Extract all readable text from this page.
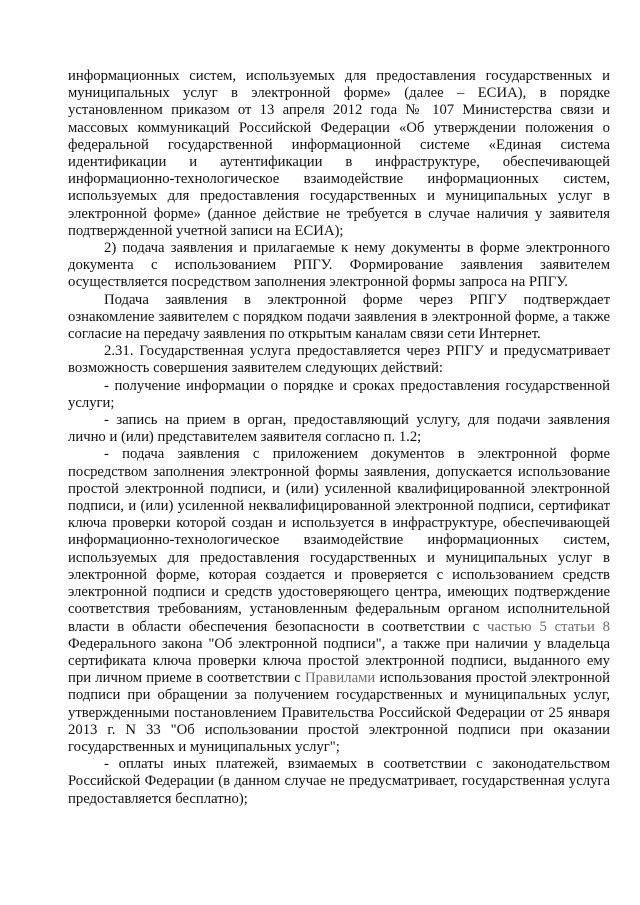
информационных систем, используемых для предоставления государственных и муниципальных услуг в электронной форме» (далее – ЕСИА), в порядке установленном приказом от 13 апреля 2012 года № 107 Министерства связи и массовых коммуникаций Российской Федерации «Об утверждении положения о федеральной государственной информационной системе «Единая система идентификации и аутентификации в инфраструктуре, обеспечивающей информационно-технологическое взаимодействие информационных систем, используемых для предоставления государственных и муниципальных услуг в электронной форме» (данное действие не требуется в случае наличия у заявителя подтвержденной учетной записи на ЕСИА);

2) подача заявления и прилагаемые к нему документы в форме электронного документа с использованием РПГУ. Формирование заявления заявителем осуществляется посредством заполнения электронной формы запроса на РПГУ.

Подача заявления в электронной форме через РПГУ подтверждает ознакомление заявителем с порядком подачи заявления в электронной форме, а также согласие на передачу заявления по открытым каналам связи сети Интернет.

2.31. Государственная услуга предоставляется через РПГУ и предусматривает возможность совершения заявителем следующих действий:

- получение информации о порядке и сроках предоставления государственной услуги;

- запись на прием в орган, предоставляющий услугу, для подачи заявления лично и (или) представителем заявителя согласно п. 1.2;

- подача заявления с приложением документов в электронной форме посредством заполнения электронной формы заявления, допускается использование простой электронной подписи, и (или) усиленной квалифицированной электронной подписи, и (или) усиленной неквалифицированной электронной подписи, сертификат ключа проверки которой создан и используется в инфраструктуре, обеспечивающей информационно-технологическое взаимодействие информационных систем, используемых для предоставления государственных и муниципальных услуг в электронной форме, которая создается и проверяется с использованием средств электронной подписи и средств удостоверяющего центра, имеющих подтверждение соответствия требованиям, установленным федеральным органом исполнительной власти в области обеспечения безопасности в соответствии с частью 5 статьи 8 Федерального закона "Об электронной подписи", а также при наличии у владельца сертификата ключа проверки ключа простой электронной подписи, выданного ему при личном приеме в соответствии с Правилами использования простой электронной подписи при обращении за получением государственных и муниципальных услуг, утвержденными постановлением Правительства Российской Федерации от 25 января 2013 г. N 33 "Об использовании простой электронной подписи при оказании государственных и муниципальных услуг";

- оплаты иных платежей, взимаемых в соответствии с законодательством Российской Федерации (в данном случае не предусматривает, государственная услуга предоставляется бесплатно);
